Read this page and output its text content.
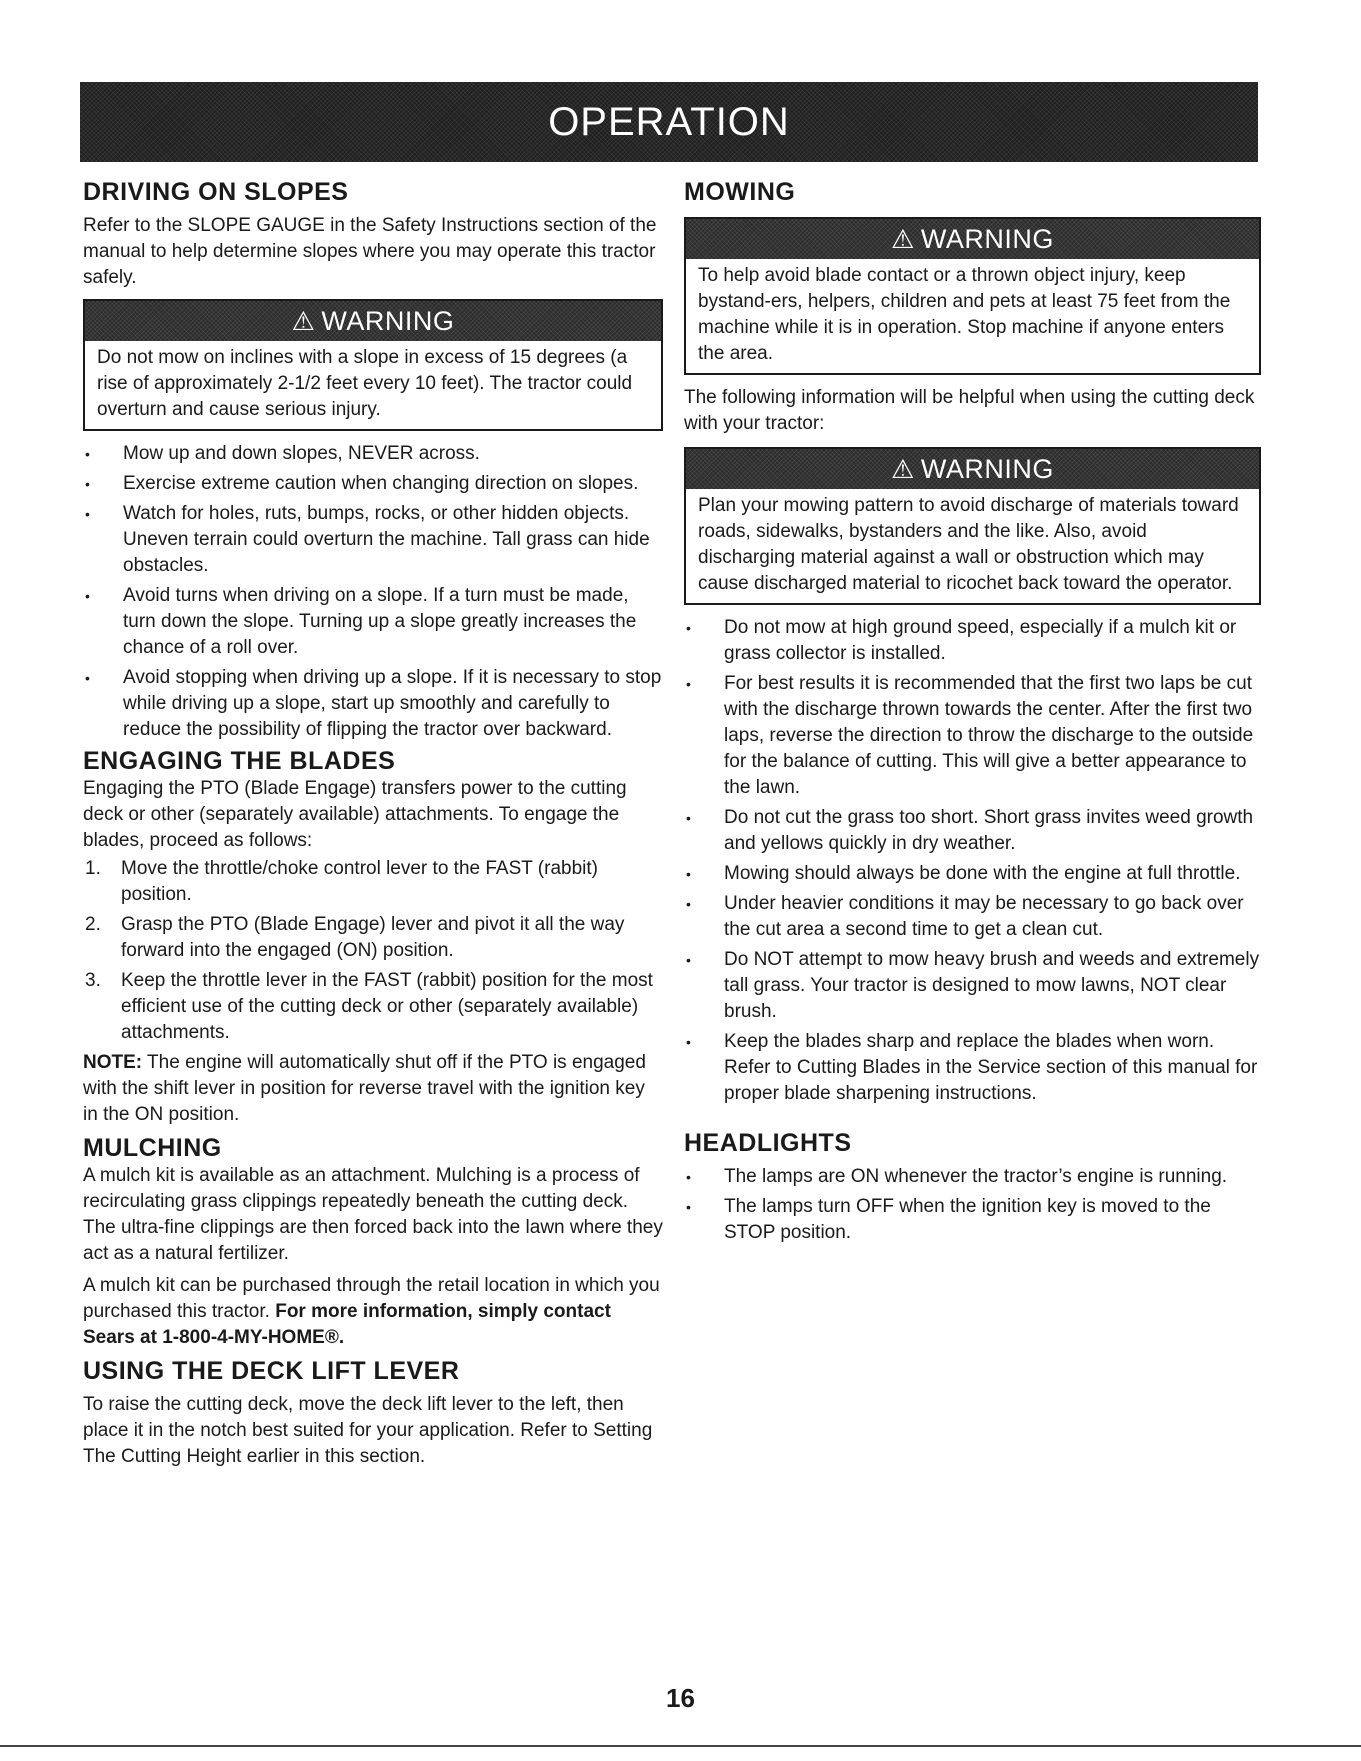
OPERATION
DRIVING ON SLOPES

Refer to the SLOPE GAUGE in the Safety Instructions section of the manual to help determine slopes where you may operate this tractor safely.

⚠ WARNING
Do not mow on inclines with a slope in excess of 15 degrees (a rise of approximately 2-1/2 feet every 10 feet). The tractor could overturn and cause serious injury.
• Mow up and down slopes, NEVER across.
• Exercise extreme caution when changing direction on slopes.
• Watch for holes, ruts, bumps, rocks, or other hidden objects. Uneven terrain could overturn the machine. Tall grass can hide obstacles.
• Avoid turns when driving on a slope. If a turn must be made, turn down the slope. Turning up a slope greatly increases the chance of a roll over.
• Avoid stopping when driving up a slope. If it is necessary to stop while driving up a slope, start up smoothly and carefully to reduce the possibility of flipping the tractor over backward.
ENGAGING THE BLADES

Engaging the PTO (Blade Engage) transfers power to the cutting deck or other (separately available) attachments. To engage the blades, proceed as follows:

1. Move the throttle/choke control lever to the FAST (rabbit) position.
2. Grasp the PTO (Blade Engage) lever and pivot it all the way forward into the engaged (ON) position.
3. Keep the throttle lever in the FAST (rabbit) position for the most efficient use of the cutting deck or other (separately available) attachments.

NOTE: The engine will automatically shut off if the PTO is engaged with the shift lever in position for reverse travel with the ignition key in the ON position.

MULCHING

A mulch kit is available as an attachment. Mulching is a process of recirculating grass clippings repeatedly beneath the cutting deck. The ultra-fine clippings are then forced back into the lawn where they act as a natural fertilizer.

A mulch kit can be purchased through the retail location in which you purchased this tractor. For more information, simply contact Sears at 1-800-4-MY-HOME®.

USING THE DECK LIFT LEVER

To raise the cutting deck, move the deck lift lever to the left, then place it in the notch best suited for your application. Refer to Setting The Cutting Height earlier in this section.

MOWING
⚠ WARNING
To help avoid blade contact or a thrown object injury, keep bystand-ers, helpers, children and pets at least 75 feet from the machine while it is in operation. Stop machine if anyone enters the area.

The following information will be helpful when using the cutting deck with your tractor:

⚠ WARNING
Plan your mowing pattern to avoid discharge of materials toward roads, sidewalks, bystanders and the like. Also, avoid discharging material against a wall or obstruction which may cause discharged material to ricochet back toward the operator.
• Do not mow at high ground speed, especially if a mulch kit or grass collector is installed.
• For best results it is recommended that the first two laps be cut with the discharge thrown towards the center. After the first two laps, reverse the direction to throw the discharge to the outside for the balance of cutting. This will give a better appearance to the lawn.
• Do not cut the grass too short. Short grass invites weed growth and yellows quickly in dry weather.
• Mowing should always be done with the engine at full throttle.
• Under heavier conditions it may be necessary to go back over the cut area a second time to get a clean cut.
• Do NOT attempt to mow heavy brush and weeds and extremely tall grass. Your tractor is designed to mow lawns, NOT clear brush.
• Keep the blades sharp and replace the blades when worn. Refer to Cutting Blades in the Service section of this manual for proper blade sharpening instructions.
HEADLIGHTS
• The lamps are ON whenever the tractor’s engine is running.
• The lamps turn OFF when the ignition key is moved to the STOP position.
16
